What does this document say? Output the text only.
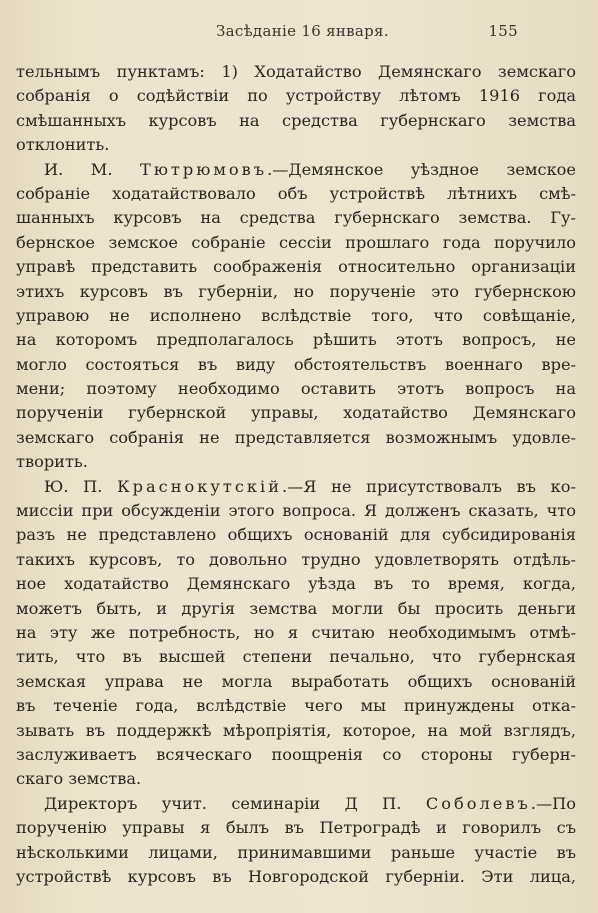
Засѣданіе 16 января.	155
тельнымъ пунктамъ: 1) Ходатайство Демянскаго земскаго
собранія о содѣйствіи по устройству лѣтомъ 1916 года
смѣшанныхъ курсовъ на средства губернскаго земства
отклонить.
И. М. Тютрюмовъ.—Демянское уѣздное земское
собраніе ходатайствовало объ устройствѣ лѣтнихъ смѣ-
шанныхъ курсовъ на средства губернскаго земства. Гу-
бернское земское собраніе сессіи прошлаго года поручило
управѣ представить соображенія относительно организаціи
этихъ курсовъ въ губерніи, но порученіе это губернскою
управою не исполнено вслѣдствіе того, что совѣщаніе,
на которомъ предполагалось рѣшить этотъ вопросъ, не
могло состояться въ виду обстоятельствъ военнаго вре-
мени; поэтому необходимо оставить этотъ вопросъ на
порученіи губернской управы, ходатайство Демянскаго
земскаго собранія не представляется возможнымъ удовле-
творить.
Ю. П. Краснокутскій.—Я не присутствовалъ въ ко-
миссіи при обсужденіи этого вопроса. Я долженъ сказать, что
разъ не представлено общихъ основаній для субсидированія
такихъ курсовъ, то довольно трудно удовлетворять отдѣль-
ное ходатайство Демянскаго уѣзда въ то время, когда,
можетъ быть, и другія земства могли бы просить деньги
на эту же потребность, но я считаю необходимымъ отмѣ-
тить, что въ высшей степени печально, что губернская
земская управа не могла выработать общихъ основаній
въ теченіе года, вслѣдствіе чего мы принуждены отка-
зывать въ поддержкѣ мѣропріятія, которое, на мой взглядъ,
заслуживаетъ всяческаго поощренія со стороны губерн-
скаго земства.
Директоръ учит. семинаріи Д П. Соболевъ.—По
порученію управы я былъ въ Петроградѣ и говорилъ съ
нѣсколькими лицами, принимавшими раньше участіе въ
устройствѣ курсовъ въ Новгородской губерніи. Эти лица,
